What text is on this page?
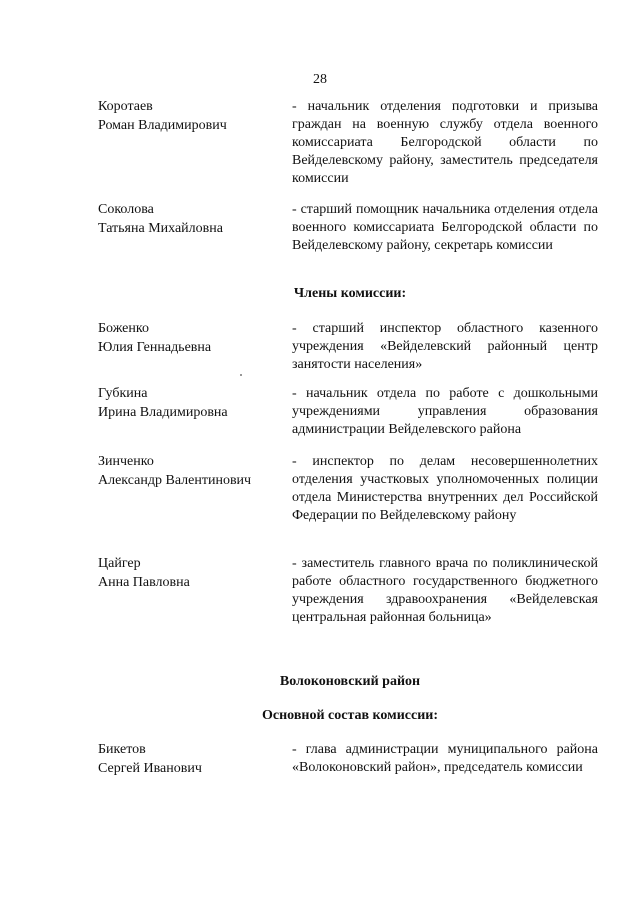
28
Коротаев
Роман Владимирович
- начальник отделения подготовки и призыва граждан на военную службу отдела военного комиссариата Белгородской области по Вейделевскому району, заместитель председателя комиссии
Соколова
Татьяна Михайловна
- старший помощник начальника отделения отдела военного комиссариата Белгородской области по Вейделевскому району, секретарь комиссии
Члены комиссии:
Боженко
Юлия Геннадьевна
- старший инспектор областного казенного учреждения «Вейделевский районный центр занятости населения»
Губкина
Ирина Владимировна
- начальник отдела по работе с дошкольными учреждениями управления образования администрации Вейделевского района
Зинченко
Александр Валентинович
- инспектор по делам несовершеннолетних отделения участковых уполномоченных полиции отдела Министерства внутренних дел Российской Федерации по Вейделевскому району
Цайгер
Анна Павловна
- заместитель главного врача по поликлинической работе областного государственного бюджетного учреждения здравоохранения «Вейделевская центральная районная больница»
Волоконовский район
Основной состав комиссии:
Бикетов
Сергей Иванович
- глава администрации муниципального района «Волоконовский район», председатель комиссии
